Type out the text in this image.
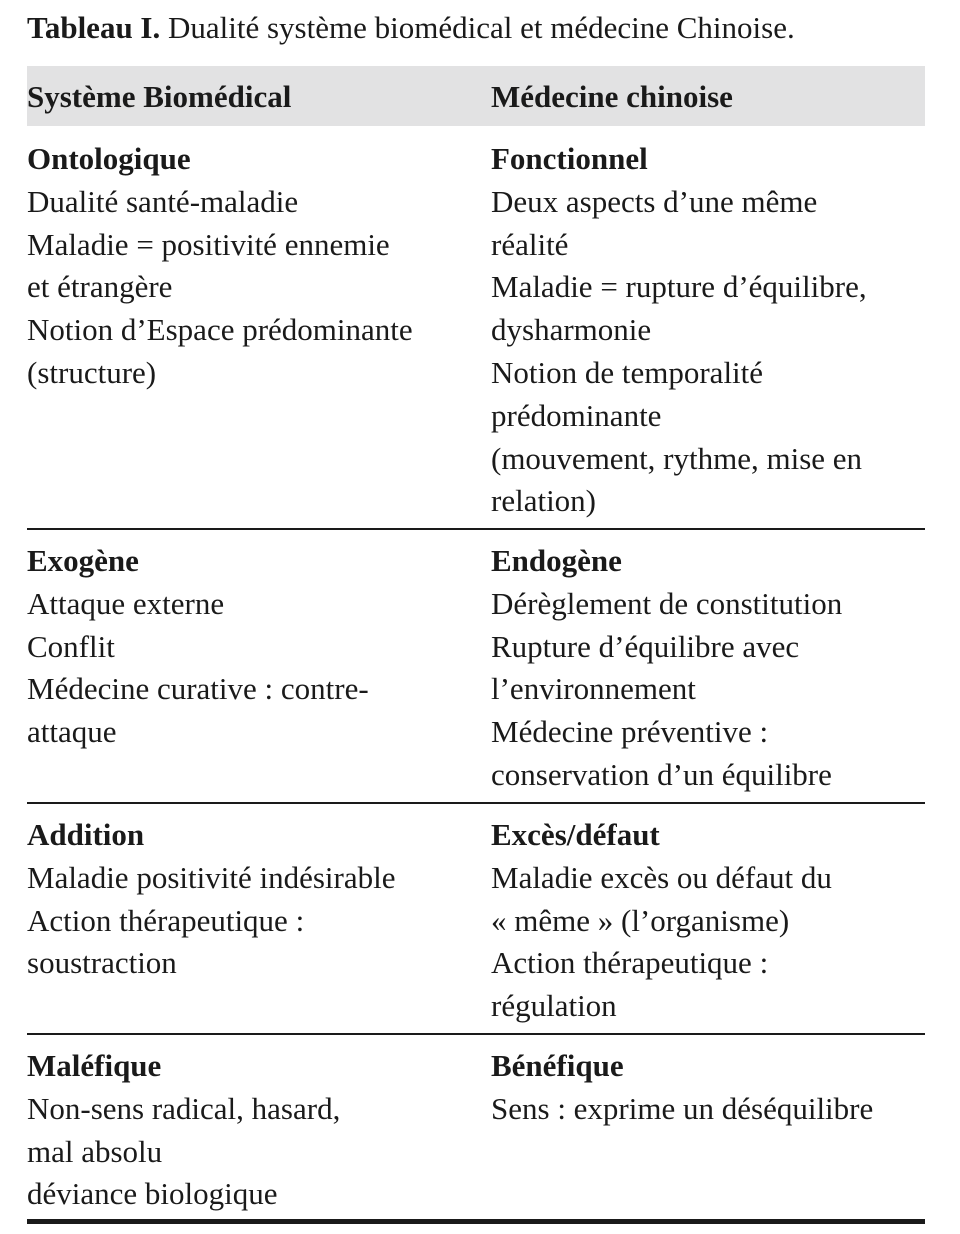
Tableau I. Dualité système biomédical et médecine Chinoise.
Système Biomédical	Médecine chinoise
Ontologique
Dualité santé-maladie
Maladie = positivité ennemie
et étrangère
Notion d’Espace prédominante
(structure)
Fonctionnel
Deux aspects d’une même
réalité
Maladie = rupture d’équilibre,
dysharmonie
Notion de temporalité
prédominante
(mouvement, rythme, mise en
relation)
Exogène
Attaque externe
Conflit
Médecine curative : contre-
attaque
Endogène
Dérèglement de constitution
Rupture d’équilibre avec
l’environnement
Médecine préventive :
conservation d’un équilibre
Addition
Maladie positivité indésirable
Action thérapeutique :
soustraction
Excès/défaut
Maladie excès ou défaut du
« même » (l’organisme)
Action thérapeutique :
régulation
Maléfique
Non-sens radical, hasard,
mal absolu
déviance biologique
Bénéfique
Sens : exprime un déséquilibre
